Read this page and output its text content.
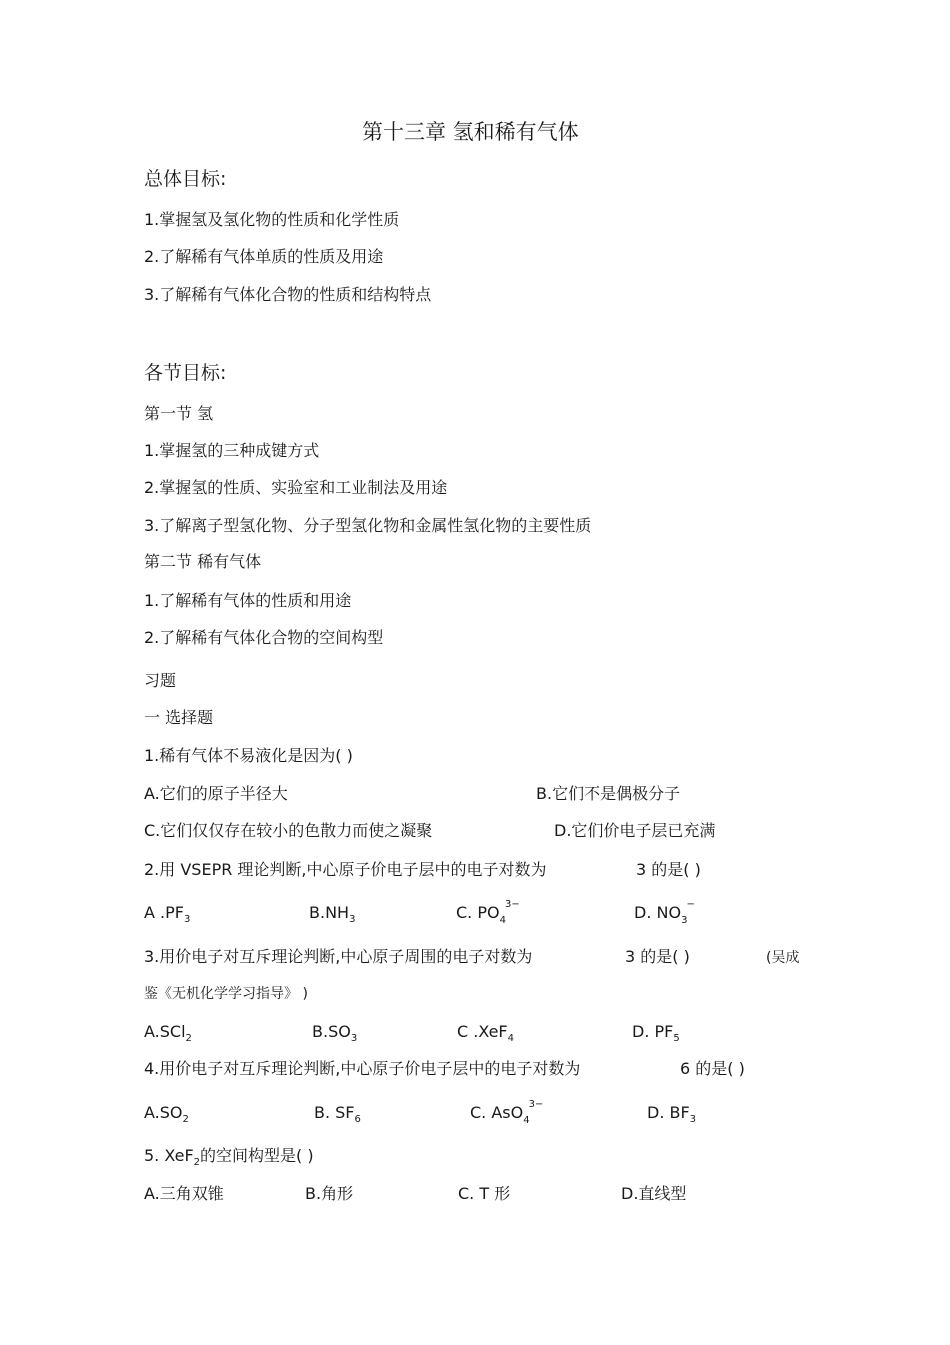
第十三章 氢和稀有气体
总体目标:
1.掌握氢及氢化物的性质和化学性质
2.了解稀有气体单质的性质及用途
3.了解稀有气体化合物的性质和结构特点
各节目标:
第一节 氢
1.掌握氢的三种成键方式
2.掌握氢的性质、实验室和工业制法及用途
3.了解离子型氢化物、分子型氢化物和金属性氢化物的主要性质
第二节 稀有气体
1.了解稀有气体的性质和用途
2.了解稀有气体化合物的空间构型
习题
一 选择题
1.稀有气体不易液化是因为( )
A.它们的原子半径大	B.它们不是偶极分子
C.它们仅仅存在较小的色散力而使之凝聚	D.它们价电子层已充满
2.用 VSEPR 理论判断,中心原子价电子层中的电子对数为	3 的是( )
A $.PF_3$	$B.NH_3$	C. $PO_4$
3−	D. $NO_3$
−
3.用价电子对互斥理论判断,中心原子周围的电子对数为	3 的是( )	(吴成
鉴《无机化学学习指导》 )
A.SCl$_2$	$B.SO_3$	C .XeF$_4$	D. $PF_5$
4.用价电子对互斥理论判断,中心原子价电子层中的电子对数为	6 的是( )
$A.SO_2$	B. $SF_6$	C. AsO$_4$
3−	D. $BF_3$
5. XeF$_2$的空间构型是( )
A.三角双锥	B.角形	C. T 形	D.直线型
